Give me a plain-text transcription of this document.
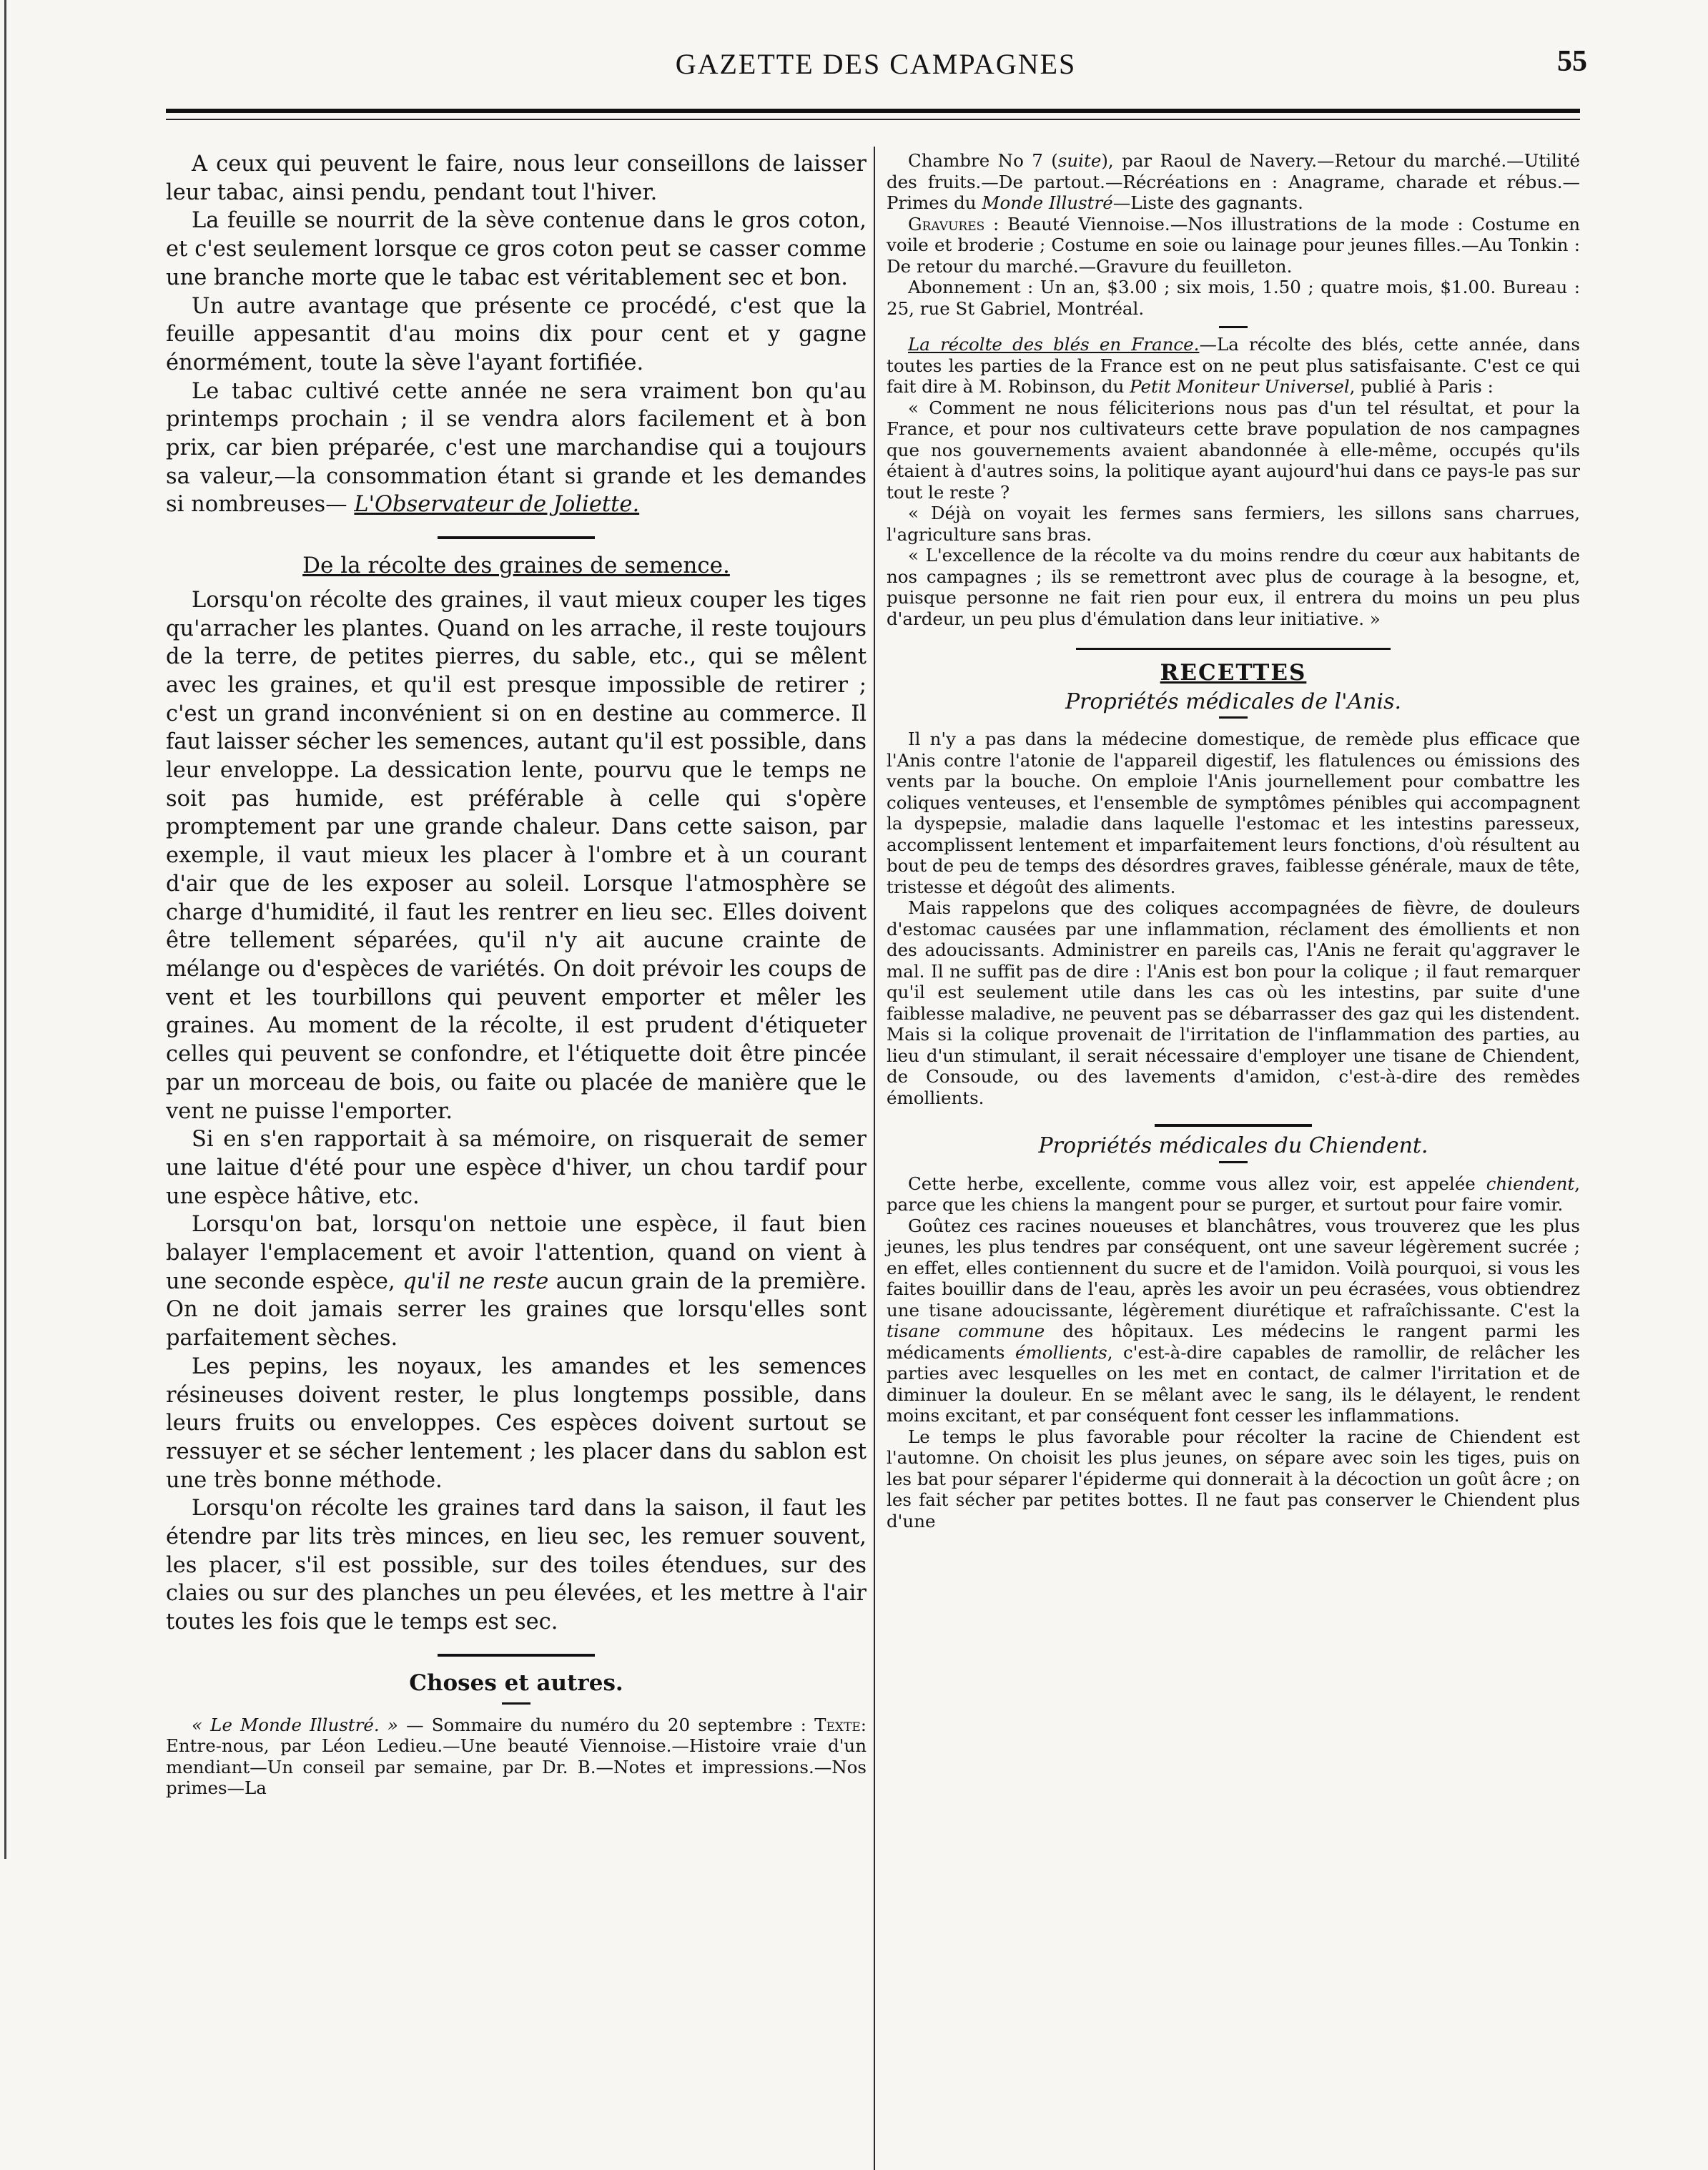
GAZETTE DES CAMPAGNES	55

A ceux qui peuvent le faire, nous leur conseillons de laisser leur tabac, ainsi pendu, pendant tout l'hiver.

La feuille se nourrit de la sève contenue dans le gros coton, et c'est seulement lorsque ce gros coton peut se casser comme une branche morte que le tabac est véritablement sec et bon.

Un autre avantage que présente ce procédé, c'est que la feuille appesantit d'au moins dix pour cent et y gagne énormément, toute la sève l'ayant fortifiée.

Le tabac cultivé cette année ne sera vraiment bon qu'au printemps prochain ; il se vendra alors facilement et à bon prix, car bien préparée, c'est une marchandise qui a toujours sa valeur,—la consommation étant si grande et les demandes si nombreuses— L'Observateur de Joliette.

De la récolte des graines de semence.

Lorsqu'on récolte des graines, il vaut mieux couper les tiges qu'arracher les plantes. Quand on les arrache, il reste toujours de la terre, de petites pierres, du sable, etc., qui se mêlent avec les graines, et qu'il est presque impossible de retirer ; c'est un grand inconvénient si on en destine au commerce. Il faut laisser sécher les semences, autant qu'il est possible, dans leur enveloppe. La dessication lente, pourvu que le temps ne soit pas humide, est préférable à celle qui s'opère promptement par une grande chaleur. Dans cette saison, par exemple, il vaut mieux les placer à l'ombre et à un courant d'air que de les exposer au soleil. Lorsque l'atmosphère se charge d'humidité, il faut les rentrer en lieu sec. Elles doivent être tellement séparées, qu'il n'y ait aucune crainte de mélange ou d'espèces de variétés. On doit prévoir les coups de vent et les tourbillons qui peuvent emporter et mêler les graines. Au moment de la récolte, il est prudent d'étiqueter celles qui peuvent se confondre, et l'étiquette doit être pincée par un morceau de bois, ou faite ou placée de manière que le vent ne puisse l'emporter.

Si en s'en rapportait à sa mémoire, on risquerait de semer une laitue d'été pour une espèce d'hiver, un chou tardif pour une espèce hâtive, etc.

Lorsqu'on bat, lorsqu'on nettoie une espèce, il faut bien balayer l'emplacement et avoir l'attention, quand on vient à une seconde espèce, qu'il ne reste aucun grain de la première. On ne doit jamais serrer les graines que lorsqu'elles sont parfaitement sèches.

Les pepins, les noyaux, les amandes et les semences résineuses doivent rester, le plus longtemps possible, dans leurs fruits ou enveloppes. Ces espèces doivent surtout se ressuyer et se sécher lentement ; les placer dans du sablon est une très bonne méthode.

Lorsqu'on récolte les graines tard dans la saison, il faut les étendre par lits très minces, en lieu sec, les remuer souvent, les placer, s'il est possible, sur des toiles étendues, sur des claies ou sur des planches un peu élevées, et les mettre à l'air toutes les fois que le temps est sec.

Choses et autres.

« Le Monde Illustré. » — Sommaire du numéro du 20 septembre : Texte: Entre-nous, par Léon Ledieu.—Une beauté Viennoise.—Histoire vraie d'un mendiant—Un conseil par semaine, par Dr. B.—Notes et impressions.—Nos primes—La

Chambre No 7 (suite), par Raoul de Navery.—Retour du marché.—Utilité des fruits.—De partout.—Récréations en : Anagrame, charade et rébus.—Primes du Monde Illustré—Liste des gagnants.

Gravures : Beauté Viennoise.—Nos illustrations de la mode : Costume en voile et broderie ; Costume en soie ou lainage pour jeunes filles.—Au Tonkin : De retour du marché.—Gravure du feuilleton.

Abonnement : Un an, $3.00 ; six mois, 1.50 ; quatre mois, $1.00. Bureau : 25, rue St Gabriel, Montréal.

La récolte des blés en France.—La récolte des blés, cette année, dans toutes les parties de la France est on ne peut plus satisfaisante. C'est ce qui fait dire à M. Robinson, du Petit Moniteur Universel, publié à Paris :

« Comment ne nous féliciterions nous pas d'un tel résultat, et pour la France, et pour nos cultivateurs cette brave population de nos campagnes que nos gouvernements avaient abandonnée à elle-même, occupés qu'ils étaient à d'autres soins, la politique ayant aujourd'hui dans ce pays-le pas sur tout le reste ?

« Déjà on voyait les fermes sans fermiers, les sillons sans charrues, l'agriculture sans bras.

« L'excellence de la récolte va du moins rendre du cœur aux habitants de nos campagnes ; ils se remettront avec plus de courage à la besogne, et, puisque personne ne fait rien pour eux, il entrera du moins un peu plus d'ardeur, un peu plus d'émulation dans leur initiative. »

RECETTES
Propriétés médicales de l'Anis.

Il n'y a pas dans la médecine domestique, de remède plus efficace que l'Anis contre l'atonie de l'appareil digestif, les flatulences ou émissions des vents par la bouche. On emploie l'Anis journellement pour combattre les coliques venteuses, et l'ensemble de symptômes pénibles qui accompagnent la dyspepsie, maladie dans laquelle l'estomac et les intestins paresseux, accomplissent lentement et imparfaitement leurs fonctions, d'où résultent au bout de peu de temps des désordres graves, faiblesse générale, maux de tête, tristesse et dégoût des aliments.

Mais rappelons que des coliques accompagnées de fièvre, de douleurs d'estomac causées par une inflammation, réclament des émollients et non des adoucissants. Administrer en pareils cas, l'Anis ne ferait qu'aggraver le mal. Il ne suffit pas de dire : l'Anis est bon pour la colique ; il faut remarquer qu'il est seulement utile dans les cas où les intestins, par suite d'une faiblesse maladive, ne peuvent pas se débarrasser des gaz qui les distendent. Mais si la colique provenait de l'irritation de l'inflammation des parties, au lieu d'un stimulant, il serait nécessaire d'employer une tisane de Chiendent, de Consoude, ou des lavements d'amidon, c'est-à-dire des remèdes émollients.

Propriétés médicales du Chiendent.

Cette herbe, excellente, comme vous allez voir, est appelée chiendent, parce que les chiens la mangent pour se purger, et surtout pour faire vomir.

Goûtez ces racines noueuses et blanchâtres, vous trouverez que les plus jeunes, les plus tendres par conséquent, ont une saveur légèrement sucrée ; en effet, elles contiennent du sucre et de l'amidon. Voilà pourquoi, si vous les faites bouillir dans de l'eau, après les avoir un peu écrasées, vous obtiendrez une tisane adoucissante, légèrement diurétique et rafraîchissante. C'est la tisane commune des hôpitaux. Les médecins le rangent parmi les médicaments émollients, c'est-à-dire capables de ramollir, de relâcher les parties avec lesquelles on les met en contact, de calmer l'irritation et de diminuer la douleur. En se mêlant avec le sang, ils le délayent, le rendent moins excitant, et par conséquent font cesser les inflammations.

Le temps le plus favorable pour récolter la racine de Chiendent est l'automne. On choisit les plus jeunes, on sépare avec soin les tiges, puis on les bat pour séparer l'épiderme qui donnerait à la décoction un goût âcre ; on les fait sécher par petites bottes. Il ne faut pas conserver le Chiendent plus d'une
